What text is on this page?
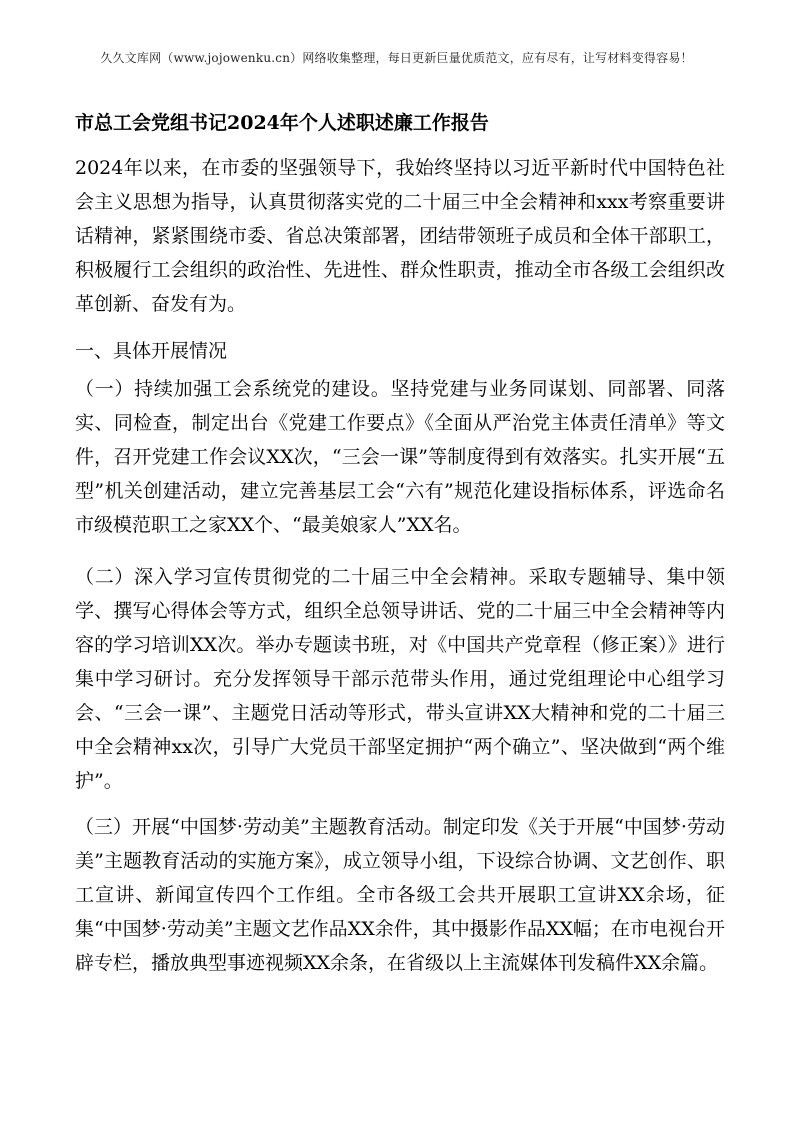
久久文库网（www.jojowenku.cn）网络收集整理，每日更新巨量优质范文，应有尽有，让写材料变得容易！
市总工会党组书记2024年个人述职述廉工作报告

2024年以来，在市委的坚强领导下，我始终坚持以习近平新时代中国特色社会主义思想为指导，认真贯彻落实党的二十届三中全会精神和xxx考察重要讲话精神，紧紧围绕市委、省总决策部署，团结带领班子成员和全体干部职工，积极履行工会组织的政治性、先进性、群众性职责，推动全市各级工会组织改革创新、奋发有为。

一、具体开展情况

（一）持续加强工会系统党的建设。坚持党建与业务同谋划、同部署、同落实、同检查，制定出台《党建工作要点》《全面从严治党主体责任清单》等文件，召开党建工作会议XX次，“三会一课”等制度得到有效落实。扎实开展“五型”机关创建活动，建立完善基层工会“六有”规范化建设指标体系，评选命名市级模范职工之家XX个、“最美娘家人”XX名。

（二）深入学习宣传贯彻党的二十届三中全会精神。采取专题辅导、集中领学、撰写心得体会等方式，组织全总领导讲话、党的二十届三中全会精神等内容的学习培训XX次。举办专题读书班，对《中国共产党章程（修正案）》进行集中学习研讨。充分发挥领导干部示范带头作用，通过党组理论中心组学习会、“三会一课”、主题党日活动等形式，带头宣讲XX大精神和党的二十届三中全会精神xx次，引导广大党员干部坚定拥护“两个确立”、坚决做到“两个维护”。

（三）开展“中国梦·劳动美”主题教育活动。制定印发《关于开展“中国梦·劳动美”主题教育活动的实施方案》，成立领导小组，下设综合协调、文艺创作、职工宣讲、新闻宣传四个工作组。全市各级工会共开展职工宣讲XX余场，征集“中国梦·劳动美”主题文艺作品XX余件，其中摄影作品XX幅；在市电视台开辟专栏，播放典型事迹视频XX余条，在省级以上主流媒体刊发稿件XX余篇。
